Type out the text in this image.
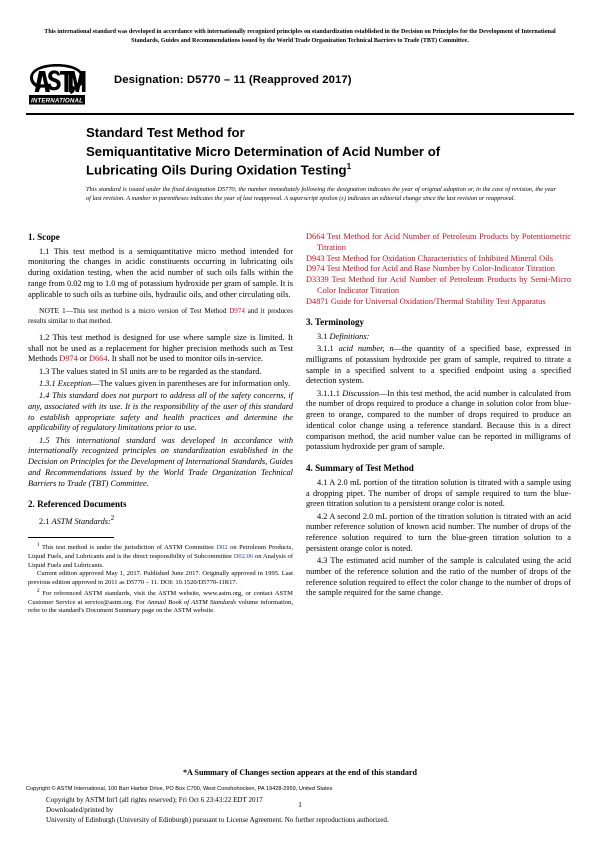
This international standard was developed in accordance with internationally recognized principles on standardization established in the Decision on Principles for the Development of International Standards, Guides and Recommendations issued by the World Trade Organization Technical Barriers to Trade (TBT) Committee.
INTERNATIONAL
Designation: D5770 – 11 (Reapproved 2017)
Standard Test Method for
Semiquantitative Micro Determination of Acid Number of
Lubricating Oils During Oxidation Testing$^1$
This standard is issued under the fixed designation D5770; the number immediately following the designation indicates the year of original adoption or, in the case of revision, the year of last revision. A number in parentheses indicates the year of last reapproval. A superscript epsilon (ε) indicates an editorial change since the last revision or reapproval.
1. Scope

1.1 This test method is a semiquantitative micro method intended for monitoring the changes in acidic constituents occurring in lubricating oils during oxidation testing, when the acid number of such oils falls within the range from 0.02 mg to 1.0 mg of potassium hydroxide per gram of sample. It is applicable to such oils as turbine oils, hydraulic oils, and other circulating oils.

NOTE 1—This test method is a micro version of Test Method D974 and it produces results similar to that method.

1.2 This test method is designed for use where sample size is limited. It shall not be used as a replacement for higher precision methods such as Test Methods D974 or D664. It shall not be used to monitor oils in-service.

1.3 The values stated in SI units are to be regarded as the standard.

1.3.1 Exception—The values given in parentheses are for information only.

1.4 This standard does not purport to address all of the safety concerns, if any, associated with its use. It is the responsibility of the user of this standard to establish appropriate safety and health practices and determine the applicability of regulatory limitations prior to use.

1.5 This international standard was developed in accordance with internationally recognized principles on standardization established in the Decision on Principles for the Development of International Standards, Guides and Recommendations issued by the World Trade Organization Technical Barriers to Trade (TBT) Committee.

2. Referenced Documents

2.1 ASTM Standards:$^2$

$^1$ This test method is under the jurisdiction of ASTM Committee D02 on Petroleum Products, Liquid Fuels, and Lubricants and is the direct responsibility of Subcommittee D02.06 on Analysis of Liquid Fuels and Lubricants.

Current edition approved May 1, 2017. Published June 2017. Originally approved in 1995. Last previous edition approved in 2011 as D5770 – 11. DOI: 10.1520/D5770-11R17.

$^2$ For referenced ASTM standards, visit the ASTM website, www.astm.org, or contact ASTM Customer Service at service@astm.org. For Annual Book of ASTM Standards volume information, refer to the standard's Document Summary page on the ASTM website.

D664 Test Method for Acid Number of Petroleum Products by Potentiometric Titration
D943 Test Method for Oxidation Characteristics of Inhibited Mineral Oils
D974 Test Method for Acid and Base Number by Color-Indicator Titration
D3339 Test Method for Acid Number of Petroleum Products by Semi-Micro Color Indicator Titration
D4871 Guide for Universal Oxidation/Thermal Stability Test Apparatus
3. Terminology

3.1 Definitions:

3.1.1 acid number, n—the quantity of a specified base, expressed in milligrams of potassium hydroxide per gram of sample, required to titrate a sample in a specified solvent to a specified endpoint using a specified detection system.

3.1.1.1 Discussion—In this test method, the acid number is calculated from the number of drops required to produce a change in solution color from blue-green to orange, compared to the number of drops required to produce an identical color change using a reference standard. Because this is a direct comparison method, the acid number value can be reported in milligrams of potassium hydroxide per gram of sample.

4. Summary of Test Method

4.1 A 2.0 mL portion of the titration solution is titrated with a sample using a dropping pipet. The number of drops of sample required to turn the blue-green titration solution to a persistent orange color is noted.

4.2 A second 2.0 mL portion of the titration solution is titrated with an acid number reference solution of known acid number. The number of drops of the reference solution required to turn the blue-green titration solution to a persistent orange color is noted.

4.3 The estimated acid number of the sample is calculated using the acid number of the reference solution and the ratio of the number of drops of the reference solution required to effect the color change to the number of drops of the sample required for the same change.

*A Summary of Changes section appears at the end of this standard
Copyright © ASTM International, 100 Barr Harbor Drive, PO Box C700, West Conshohocken, PA 19428-2959, United States
1
Copyright by ASTM Int'l (all rights reserved); Fri Oct 6 23:43:22 EDT 2017
Downloaded/printed by
University of Edinburgh (University of Edinburgh) pursuant to License Agreement. No further reproductions authorized.
